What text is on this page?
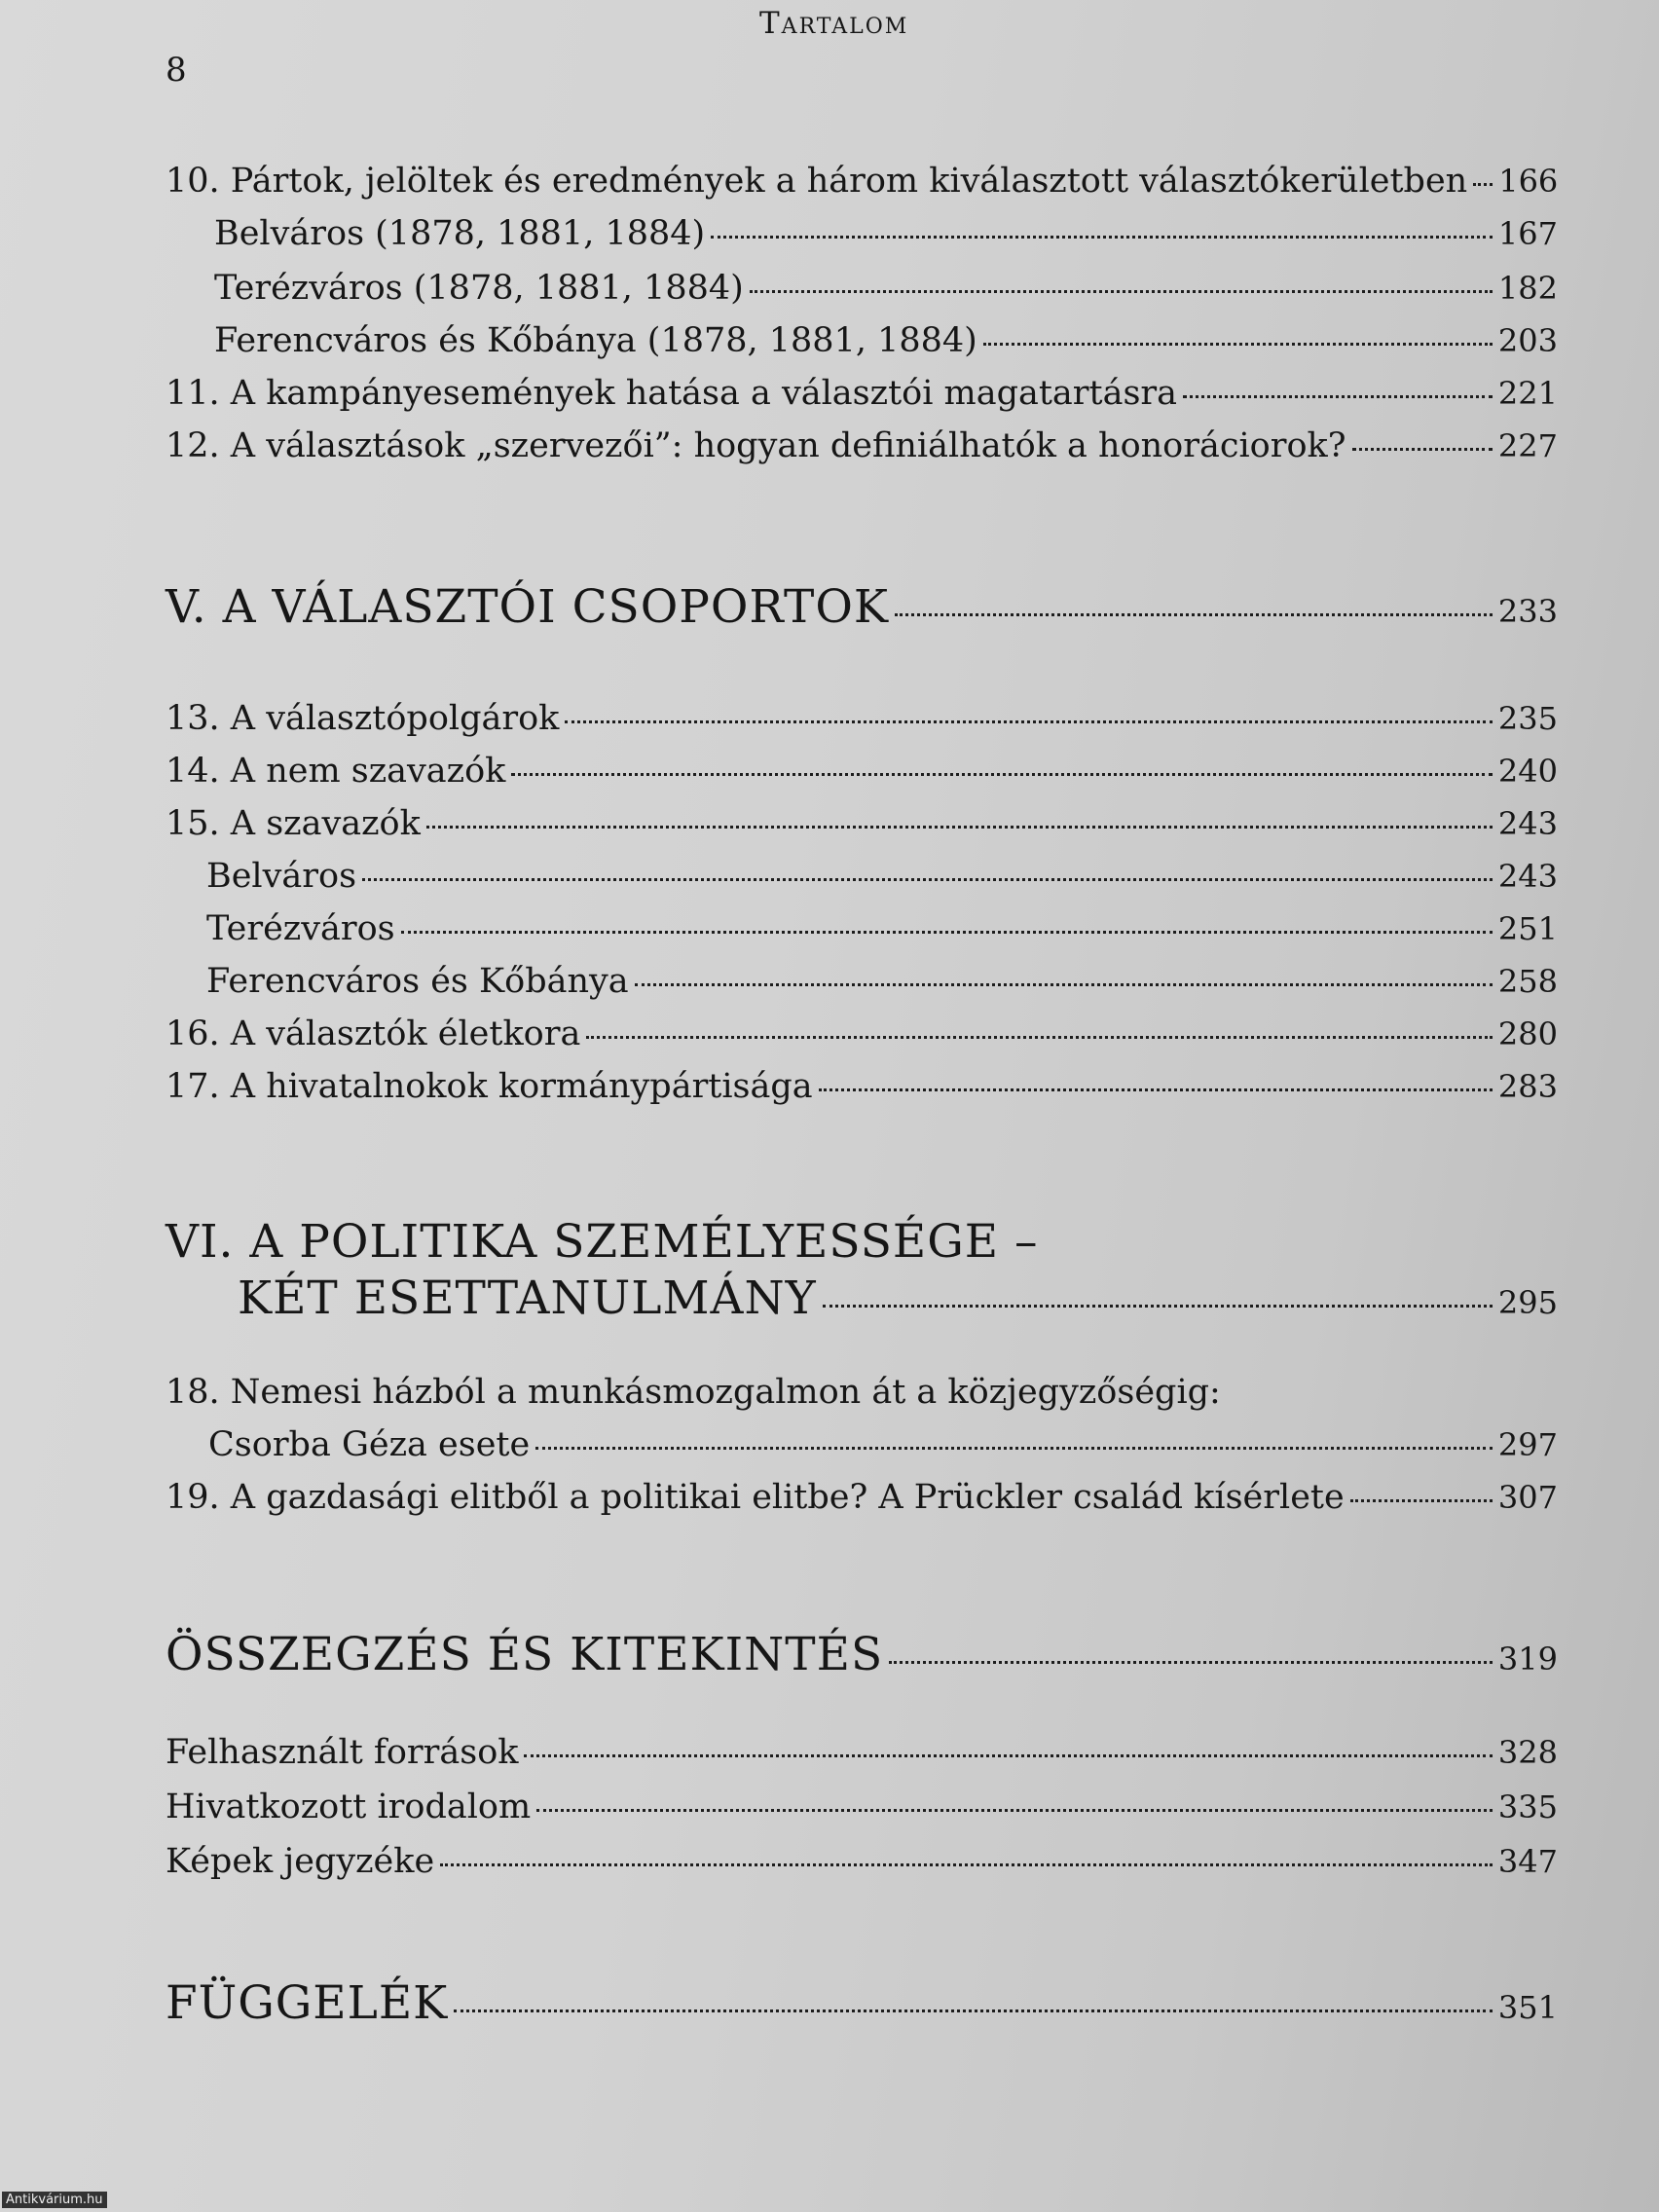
Tartalom
8
10. Pártok, jelöltek és eredmények a három kiválasztott választókerületben 166
Belváros (1878, 1881, 1884)	167
Terézváros (1878, 1881, 1884)	182
Ferencváros és Kőbánya (1878, 1881, 1884)	203
11. A kampányesemények hatása a választói magatartásra	221
12. A választások „szervezői”: hogyan definiálhatók a honoráciorok?	227
V. A VÁLASZTÓI CSOPORTOK	233
13. A választópolgárok	235
14. A nem szavazók	240
15. A szavazók	243
Belváros	243
Terézváros	251
Ferencváros és Kőbánya	258
16. A választók életkora	280
17. A hivatalnokok kormánypártisága	283
VI. A POLITIKA SZEMÉLYESSÉGE –
KÉT ESETTANULMÁNY	295
18. Nemesi házból a munkásmozgalmon át a közjegyzőségig:
Csorba Géza esete	297
19. A gazdasági elitből a politikai elitbe? A Prückler család kísérlete	307
ÖSSZEGZÉS ÉS KITEKINTÉS	319
Felhasznált források	328
Hivatkozott irodalom	335
Képek jegyzéke	347
FÜGGELÉK	351
Antikvárium.hu
